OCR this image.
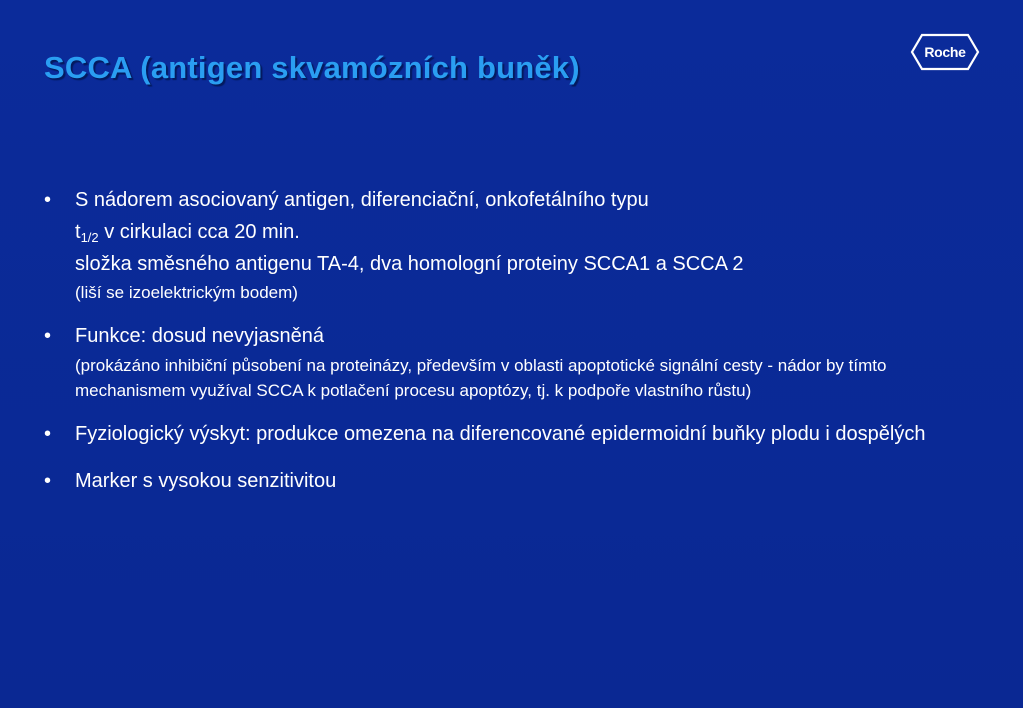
SCCA (antigen skvamózních buněk)	Roche
• S nádorem asociovaný antigen, diferenciační, onkofetálního typu
$t_{1/2}$ v cirkulaci cca 20 min.
složka směsného antigenu TA-4, dva homologní proteiny SCCA1 a SCCA 2
(liší se izoelektrickým bodem)
• Funkce: dosud nevyjasněná
(prokázáno inhibiční působení na proteinázy, především v oblasti apoptotické signální cesty - nádor by tímto mechanismem využíval SCCA k potlačení procesu apoptózy, tj. k podpoře vlastního růstu)
• Fyziologický výskyt: produkce omezena na diferencované epidermoidní buňky plodu i dospělých
• Marker s vysokou senzitivitou
